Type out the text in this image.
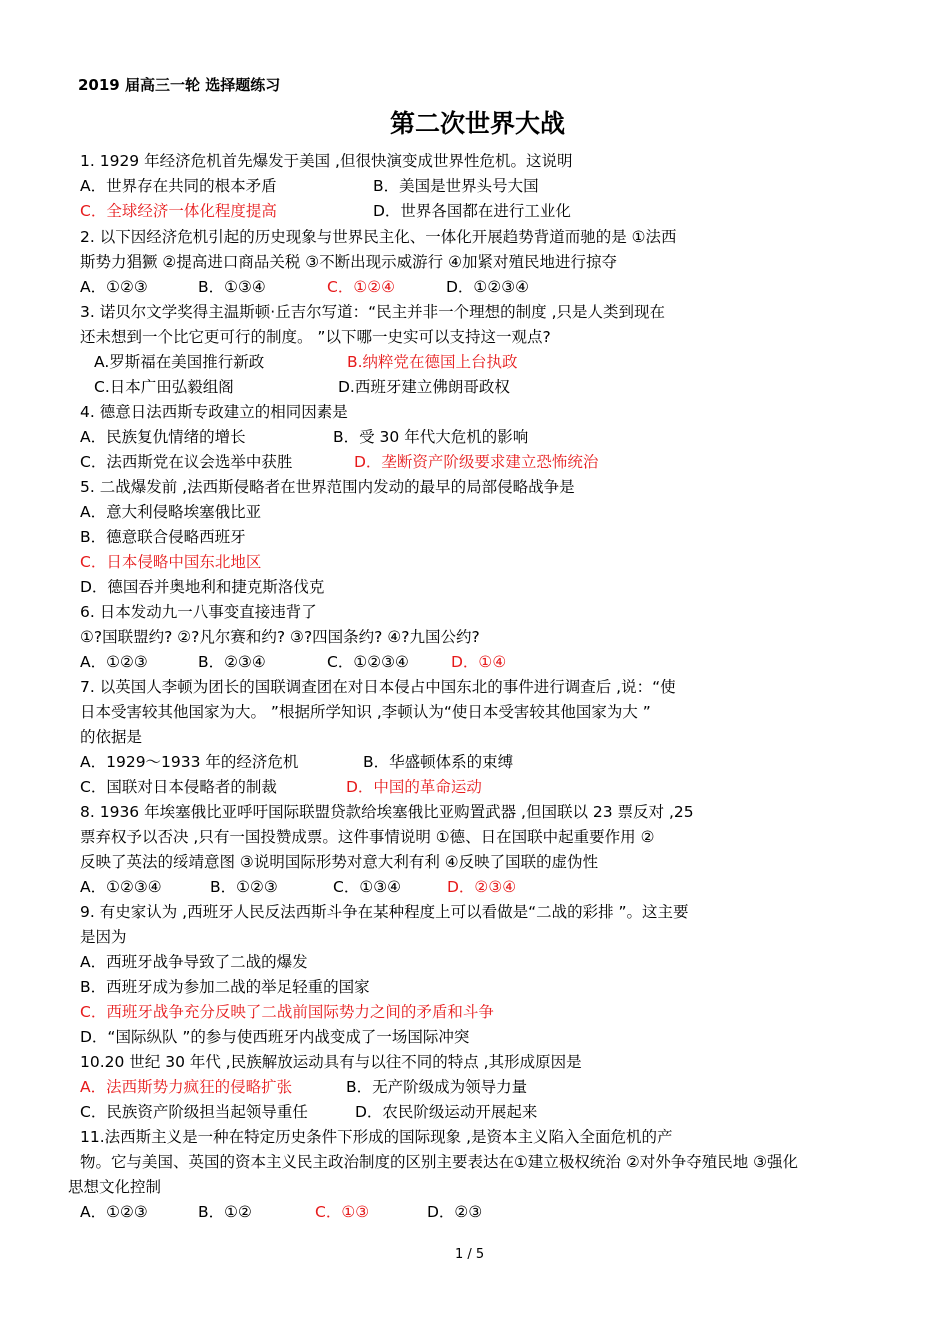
2019 届高三一轮 选择题练习
第二次世界大战
1. 1929 年经济危机首先爆发于美国 ,但很快演变成世界性危机。这说明
A．世界存在共同的根本矛盾	B．美国是世界头号大国
C．全球经济一体化程度提高	D．世界各国都在进行工业化
2. 以下因经济危机引起的历史现象与世界民主化、一体化开展趋势背道而驰的是 ①法西
斯势力猖獗 ②提高进口商品关税 ③不断出现示威游行 ④加紧对殖民地进行掠夺
A．①②③	B．①③④	C．①②④	D．①②③④
3. 诺贝尔文学奖得主温斯顿·丘吉尔写道：“民主并非一个理想的制度 ,只是人类到现在
还未想到一个比它更可行的制度。 ”以下哪一史实可以支持这一观点?
A.罗斯福在美国推行新政	B.纳粹党在德国上台执政
C.日本广田弘毅组阁	D.西班牙建立佛朗哥政权
4. 德意日法西斯专政建立的相同因素是
A．民族复仇情绪的增长	B．受 30 年代大危机的影响
C．法西斯党在议会选举中获胜	D．垄断资产阶级要求建立恐怖统治
5. 二战爆发前 ,法西斯侵略者在世界范围内发动的最早的局部侵略战争是
A．意大利侵略埃塞俄比亚
B．德意联合侵略西班牙
C．日本侵略中国东北地区
D．德国吞并奥地利和捷克斯洛伐克
6. 日本发动九一八事变直接违背了
①?国联盟约? ②?凡尔赛和约? ③?四国条约? ④?九国公约?
A．①②③	B．②③④	C．①②③④	D．①④
7. 以英国人李顿为团长的国联调查团在对日本侵占中国东北的事件进行调查后 ,说：“使
日本受害较其他国家为大。 ”根据所学知识 ,李顿认为“使日本受害较其他国家为大 ”
的依据是
A．1929～1933 年的经济危机	B．华盛顿体系的束缚
C．国联对日本侵略者的制裁	D．中国的革命运动
8. 1936 年埃塞俄比亚呼吁国际联盟贷款给埃塞俄比亚购置武器 ,但国联以 23 票反对 ,25
票弃权予以否决 ,只有一国投赞成票。这件事情说明 ①德、日在国联中起重要作用 ②
反映了英法的绥靖意图 ③说明国际形势对意大利有利 ④反映了国联的虚伪性
A．①②③④	B．①②③	C．①③④	D．②③④
9. 有史家认为 ,西班牙人民反法西斯斗争在某种程度上可以看做是“二战的彩排 ”。这主要
是因为
A．西班牙战争导致了二战的爆发
B．西班牙成为参加二战的举足轻重的国家
C．西班牙战争充分反映了二战前国际势力之间的矛盾和斗争
D．“国际纵队 ”的参与使西班牙内战变成了一场国际冲突
10.20 世纪 30 年代 ,民族解放运动具有与以往不同的特点 ,其形成原因是
A．法西斯势力疯狂的侵略扩张	B．无产阶级成为领导力量
C．民族资产阶级担当起领导重任	D．农民阶级运动开展起来
11.法西斯主义是一种在特定历史条件下形成的国际现象 ,是资本主义陷入全面危机的产
物。它与美国、英国的资本主义民主政治制度的区别主要表达在①建立极权统治 ②对外争夺殖民地 ③强化
思想文化控制
A．①②③	B．①②	C．①③	D．②③
1 / 5
